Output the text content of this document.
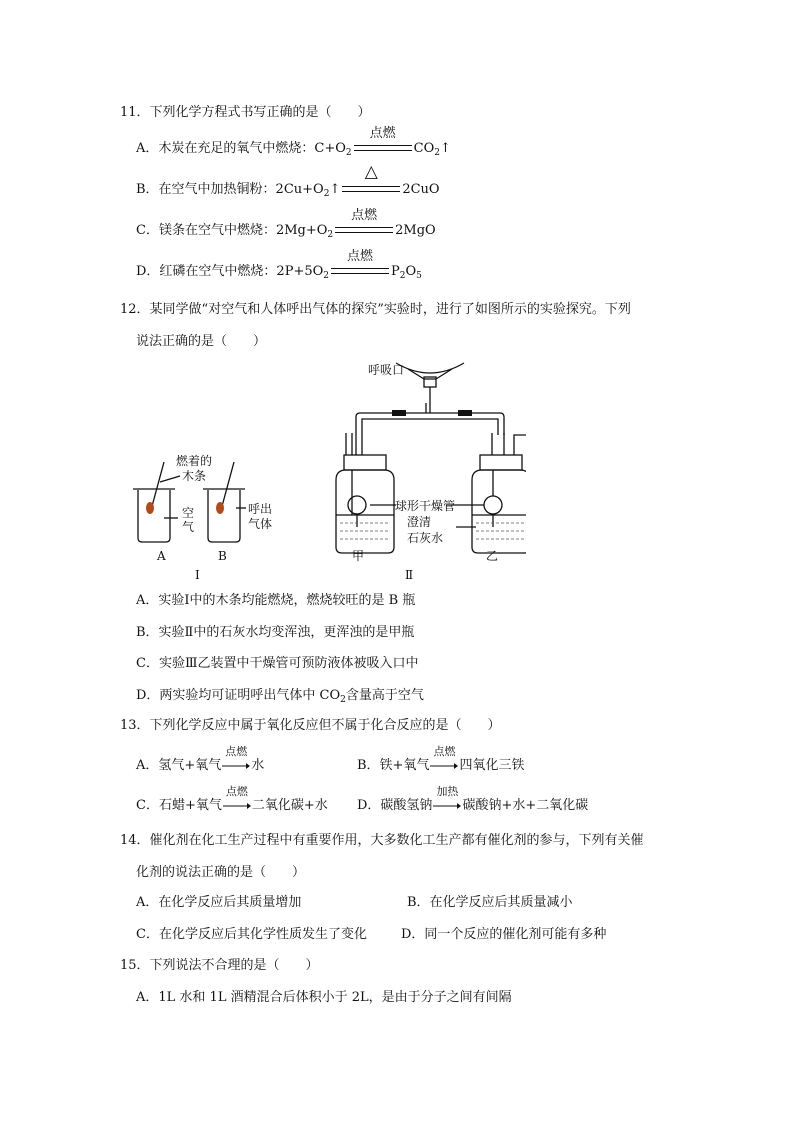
11．下列化学方程式书写正确的是（　　）
A．木炭在充足的氧气中燃烧：$C+O_2$
点燃
$CO_2↑$
B．在空气中加热铜粉：$2Cu+O_2↑$
△
2CuO
C．镁条在空气中燃烧：$2Mg+O_2$
点燃
2MgO
D．红磷在空气中燃烧：$2P+5O_2$
点燃
$P_2O_5$
12．某同学做“对空气和人体呼出气体的探究”实验时，进行了如图所示的实验探究。下列
说法正确的是（　　）
燃着的
木条
空
气
呼出
气体
A	B
Ⅰ
呼吸口
球形干燥管
澄清
石灰水
甲	乙
Ⅱ
A．实验Ⅰ中的木条均能燃烧，燃烧较旺的是 B 瓶
B．实验Ⅱ中的石灰水均变浑浊，更浑浊的是甲瓶
C．实验Ⅲ乙装置中干燥管可预防液体被吸入口中
D．两实验均可证明呼出气体中 $CO_2$含量高于空气
13．下列化学反应中属于氧化反应但不属于化合反应的是（　　）
A．氢气+氧气
点燃
水	B．铁+氧气
点燃
四氧化三铁
C．石蜡+氧气
点燃
二氧化碳+水 D．碳酸氢钠
加热
碳酸钠+水+二氧化碳
14．催化剂在化工生产过程中有重要作用，大多数化工生产都有催化剂的参与，下列有关催
化剂的说法正确的是（　　）
A．在化学反应后其质量增加	B．在化学反应后其质量减小
C．在化学反应后其化学性质发生了变化	D．同一个反应的催化剂可能有多种
15．下列说法不合理的是（　　）
A．1L 水和 1L 酒精混合后体积小于 2L，是由于分子之间有间隔
